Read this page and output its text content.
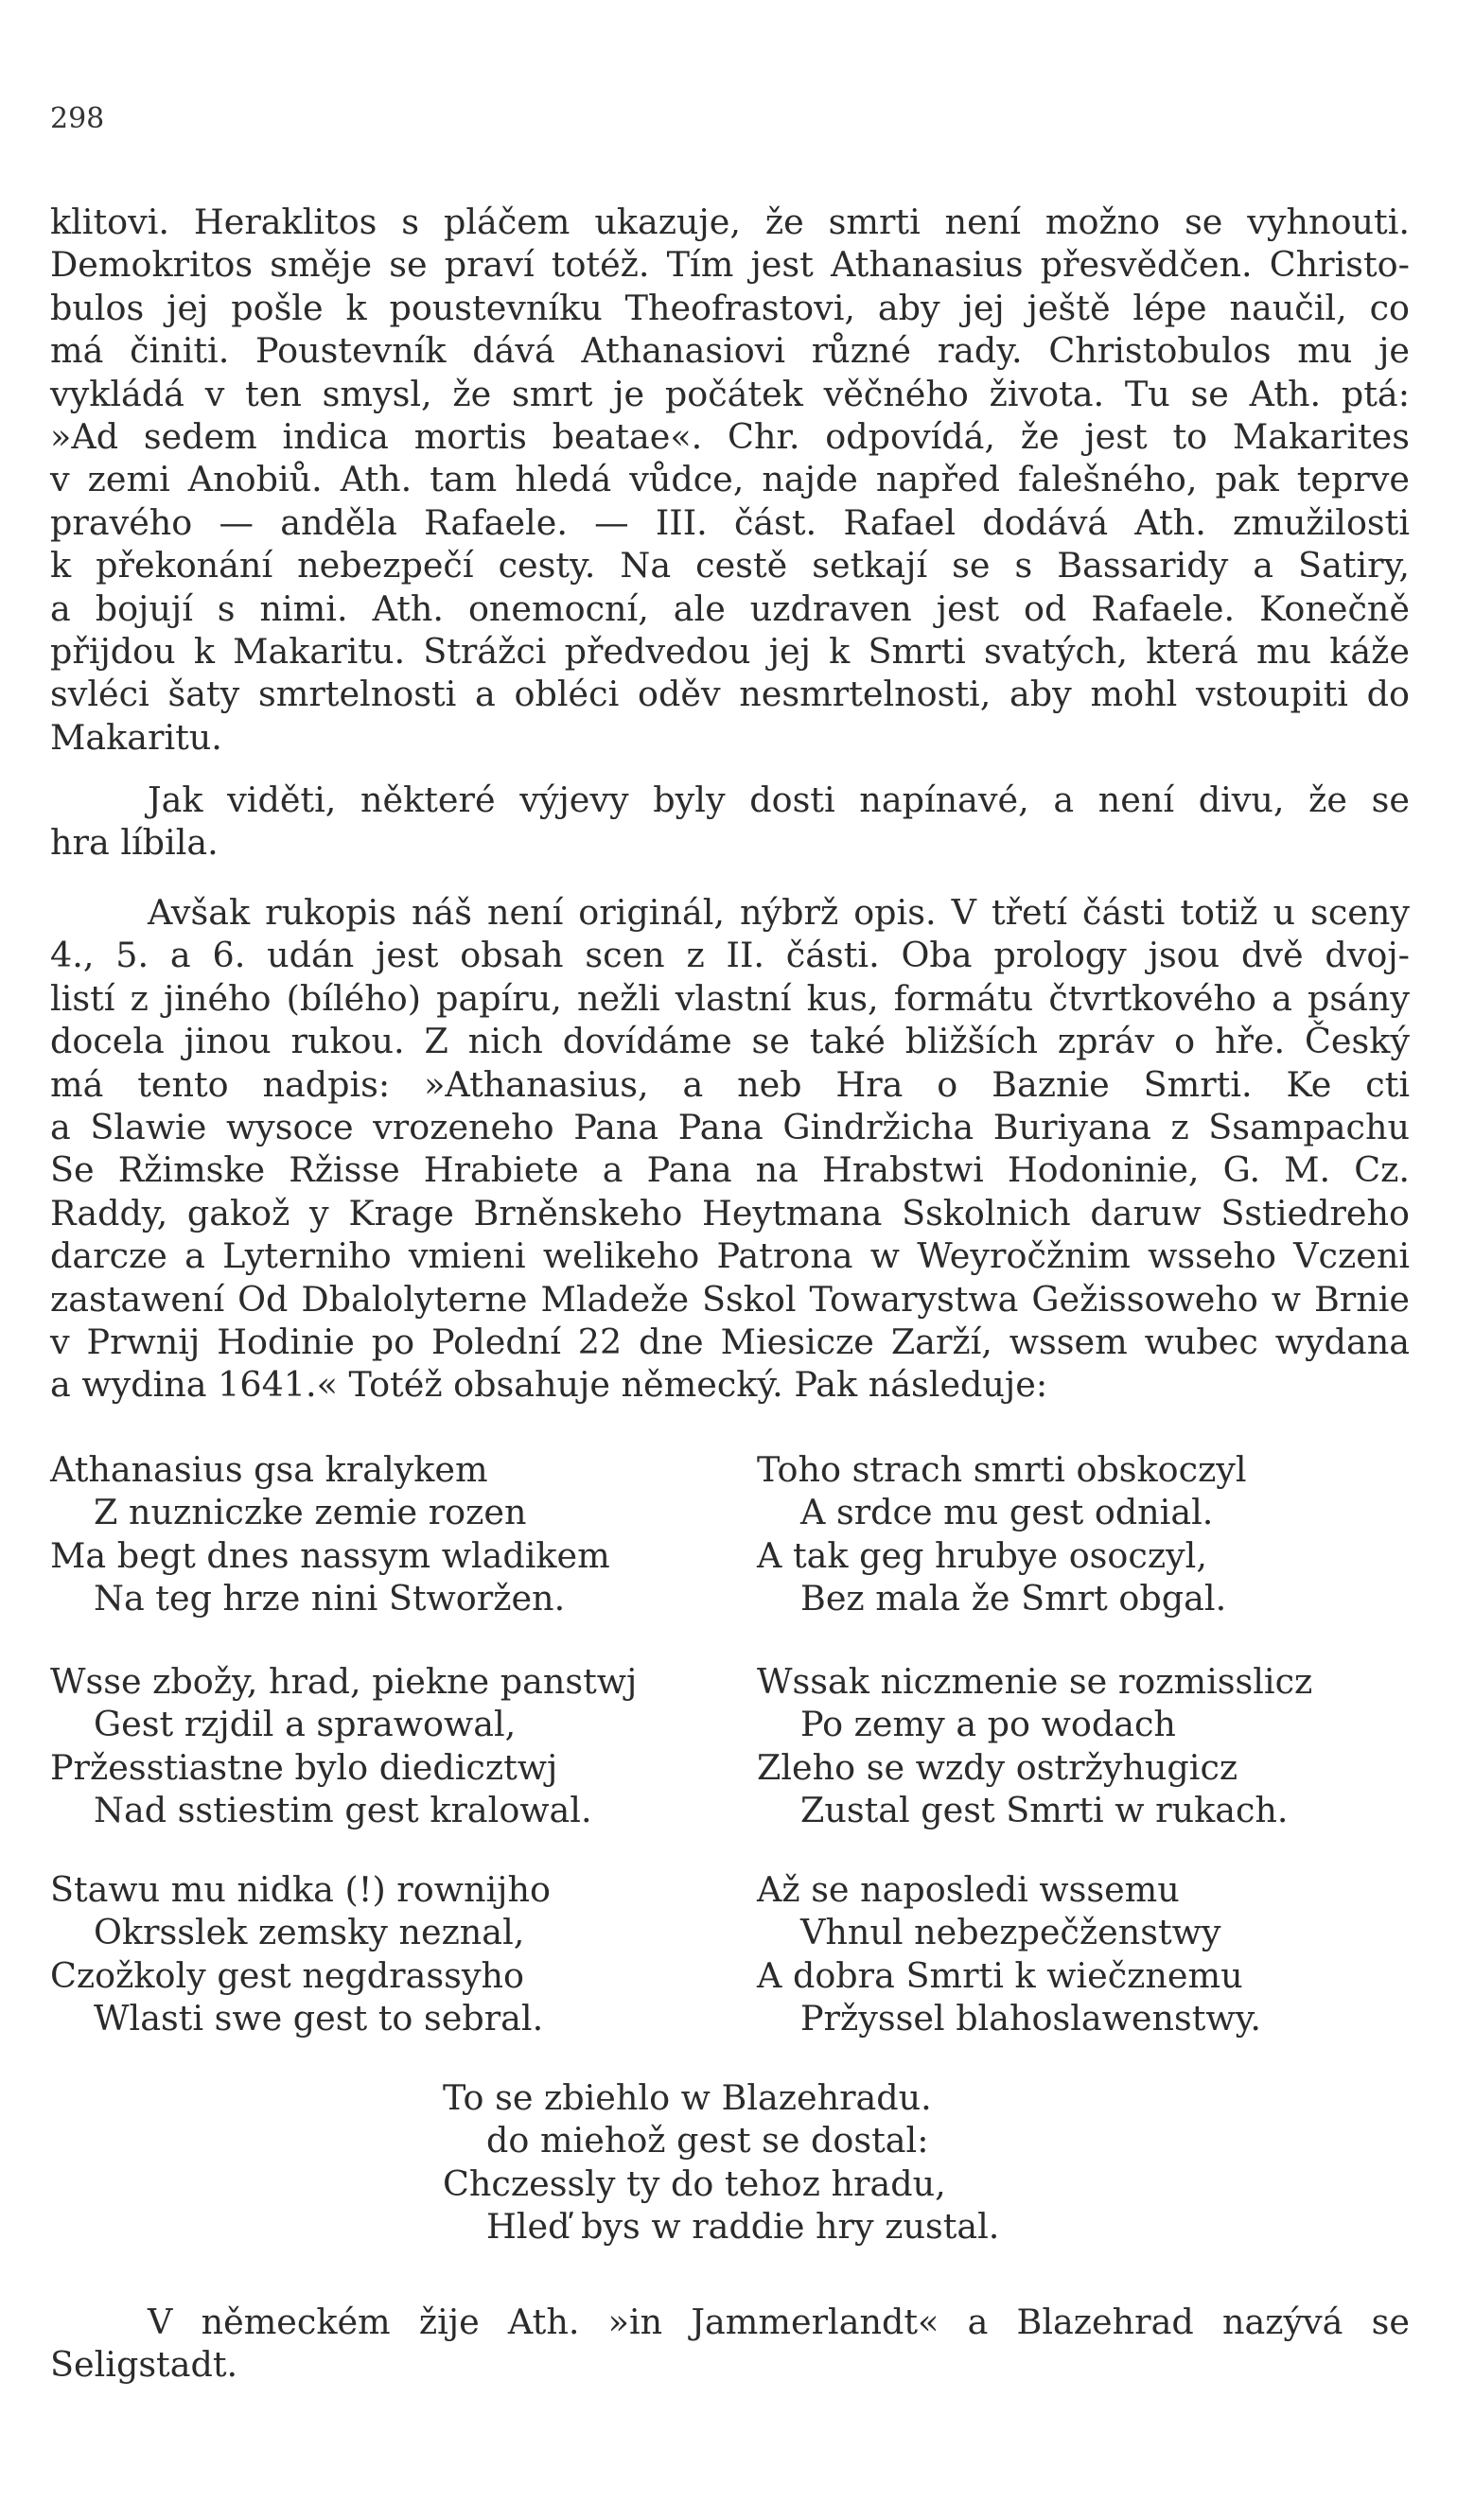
298
klitovi. Heraklitos s pláčem ukazuje, že smrti není možno se vyhnouti.
Demokritos směje se praví totéž. Tím jest Athanasius přesvědčen. Christo-
bulos jej pošle k poustevníku Theofrastovi, aby jej ještě lépe naučil, co
má činiti. Poustevník dává Athanasiovi různé rady. Christobulos mu je
vykládá v ten smysl, že smrt je počátek věčného života. Tu se Ath. ptá:
»Ad sedem indica mortis beatae«. Chr. odpovídá, že jest to Makarites
v zemi Anobiů. Ath. tam hledá vůdce, najde napřed falešného, pak teprve
pravého — anděla Rafaele. — III. část. Rafael dodává Ath. zmužilosti
k překonání nebezpečí cesty. Na cestě setkají se s Bassaridy a Satiry,
a bojují s nimi. Ath. onemocní, ale uzdraven jest od Rafaele. Konečně
přijdou k Makaritu. Strážci předvedou jej k Smrti svatých, která mu káže
svléci šaty smrtelnosti a obléci oděv nesmrtelnosti, aby mohl vstoupiti do
Makaritu.
Jak viděti, některé výjevy byly dosti napínavé, a není divu, že se
hra líbila.
Avšak rukopis náš není originál, nýbrž opis. V třetí části totiž u sceny
4., 5. a 6. udán jest obsah scen z II. části. Oba prology jsou dvě dvoj-
listí z jiného (bílého) papíru, nežli vlastní kus, formátu čtvrtkového a psány
docela jinou rukou. Z nich dovídáme se také bližších zpráv o hře. Český
má tento nadpis: »Athanasius, a neb Hra o Baznie Smrti. Ke cti
a Slawie wysoce vrozeneho Pana Pana Gindržicha Buriyana z Ssampachu
Se Ržimske Ržisse Hrabiete a Pana na Hrabstwi Hodoninie, G. M. Cz.
Raddy, gakož y Krage Brněnskeho Heytmana Sskolnich daruw Sstiedreho
darcze a Lyterniho vmieni welikeho Patrona w Weyročžnim wsseho Vczeni
zastawení Od Dbalolyterne Mladeže Sskol Towarystwa Gežissoweho w Brnie
v Prwnij Hodinie po Polední 22 dne Miesicze Zarží, wssem wubec wydana
a wydina 1641.« Totéž obsahuje německý. Pak následuje:
Athanasius gsa kralykem
Z nuzniczke zemie rozen
Ma begt dnes nassym wladikem
Na teg hrze nini Stworžen.
Wsse zbožy, hrad, piekne panstwj
Gest rzjdil a sprawowal,
Pržesstiastne bylo diedicztwj
Nad sstiestim gest kralowal.
Stawu mu nidka (!) rownijho
Okrsslek zemsky neznal,
Czožkoly gest negdrassyho
Wlasti swe gest to sebral.
Toho strach smrti obskoczyl
A srdce mu gest odnial.
A tak geg hrubye osoczyl,
Bez mala že Smrt obgal.
Wssak niczmenie se rozmisslicz
Po zemy a po wodach
Zleho se wzdy ostržyhugicz
Zustal gest Smrti w rukach.
Až se naposledi wssemu
Vhnul nebezpečženstwy
A dobra Smrti k wiečznemu
Pržyssel blahoslawenstwy.
To se zbiehlo w Blazehradu.
do miehož gest se dostal:
Chczessly ty do tehoz hradu,
Hleď bys w raddie hry zustal.
V německém žije Ath. »in Jammerlandt« a Blazehrad nazývá se
Seligstadt.
